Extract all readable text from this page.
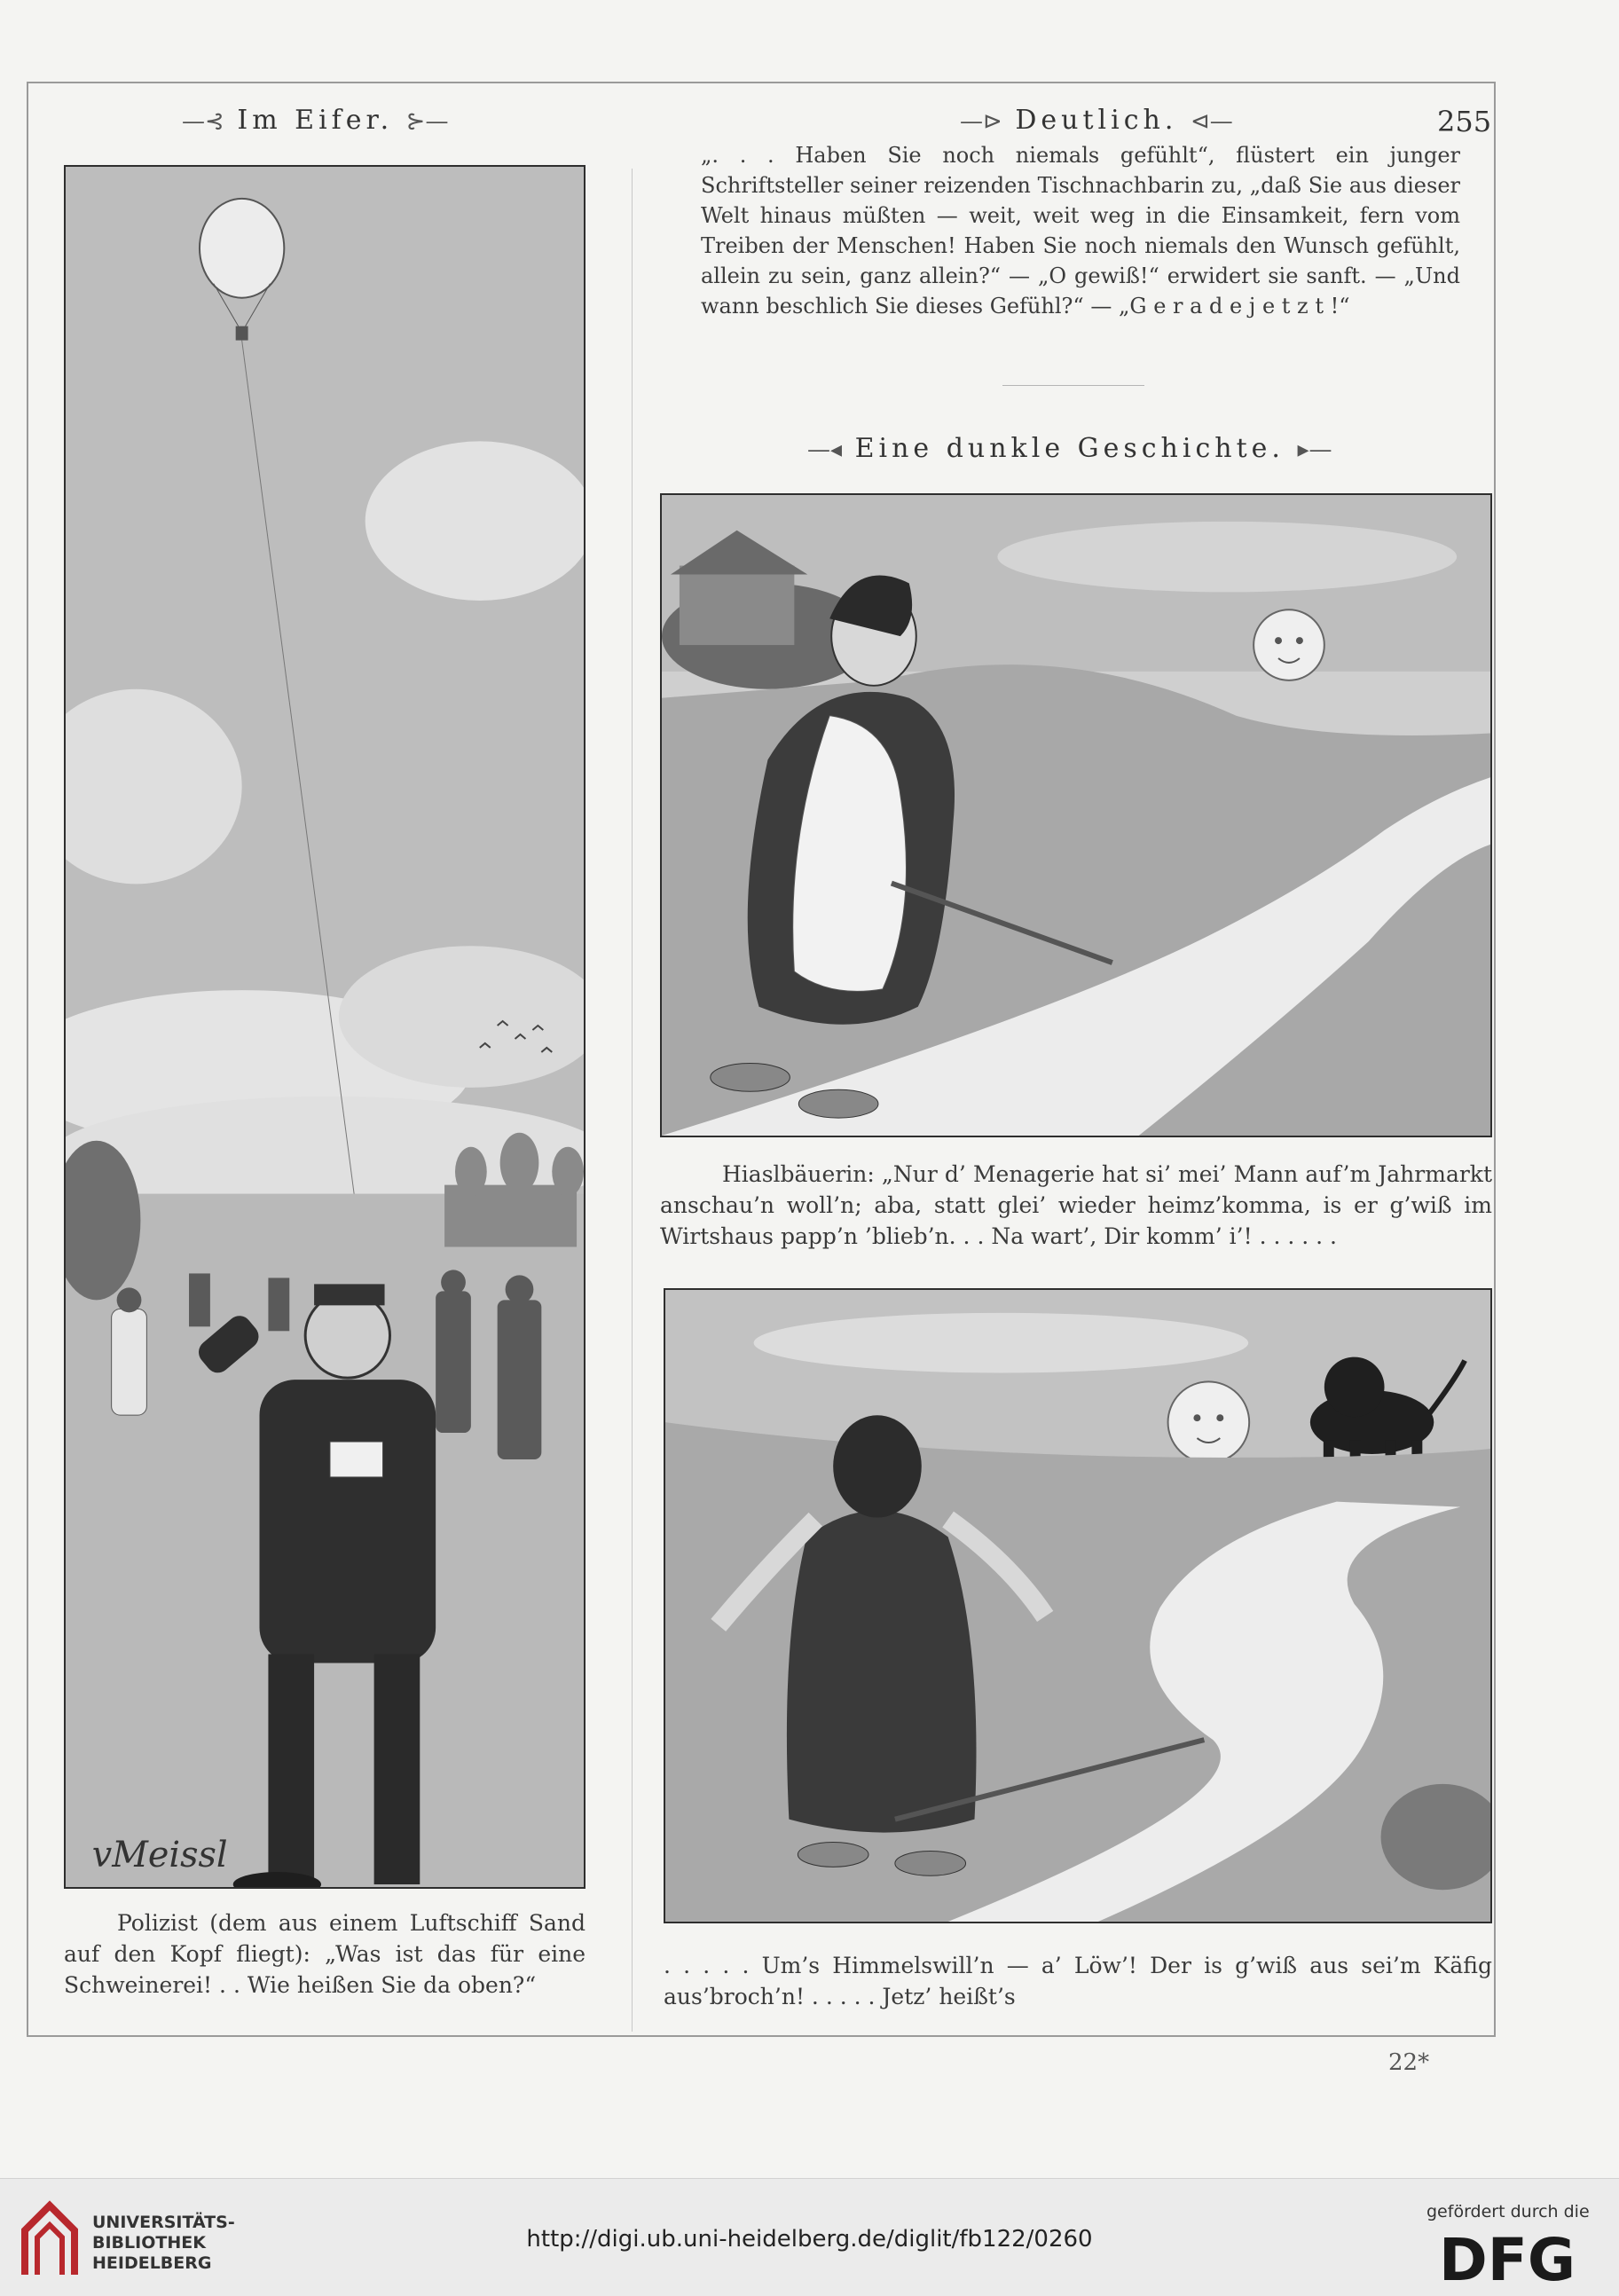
—⊰ Im Eifer. ⊱—	—⊳ Deutlich. ⊲—	255
„. . . Haben Sie noch niemals gefühlt“, flüstert ein junger Schriftsteller seiner reizenden Tischnachbarin zu, „daß Sie aus dieser Welt hinaus müßten — weit, weit weg in die Einsamkeit, fern vom Treiben der Menschen! Haben Sie noch niemals den Wunsch gefühlt, allein zu sein, ganz allein?“ — „O gewiß!“ erwidert sie sanft. — „Und wann beschlich Sie dieses Gefühl?“ — „G e r a d e j e t z t !“
—◂ Eine dunkle Geschichte. ▸—
vMeissl
Hiaslbäuerin: „Nur d’ Menagerie hat si’ mei’ Mann auf’m Jahrmarkt anschau’n woll’n; aba, statt glei’ wieder heimz’komma, is er g’wiß im Wirtshaus papp’n ’blieb’n. . . Na wart’, Dir komm’ i’! . . . . . .
. . . . . Um’s Himmelswill’n — a’ Löw’! Der is g’wiß aus sei’m Käfig aus’broch’n! . . . . . Jetz’ heißt’s
Polizist (dem aus einem Luftschiff Sand auf den Kopf fliegt): „Was ist das für eine Schweinerei! . . Wie heißen Sie da oben?“
22*
UNIVERSITÄTS-
BIBLIOTHEK
HEIDELBERG
http://digi.ub.uni-heidelberg.de/diglit/fb122/0260
gefördert durch die
DFG
